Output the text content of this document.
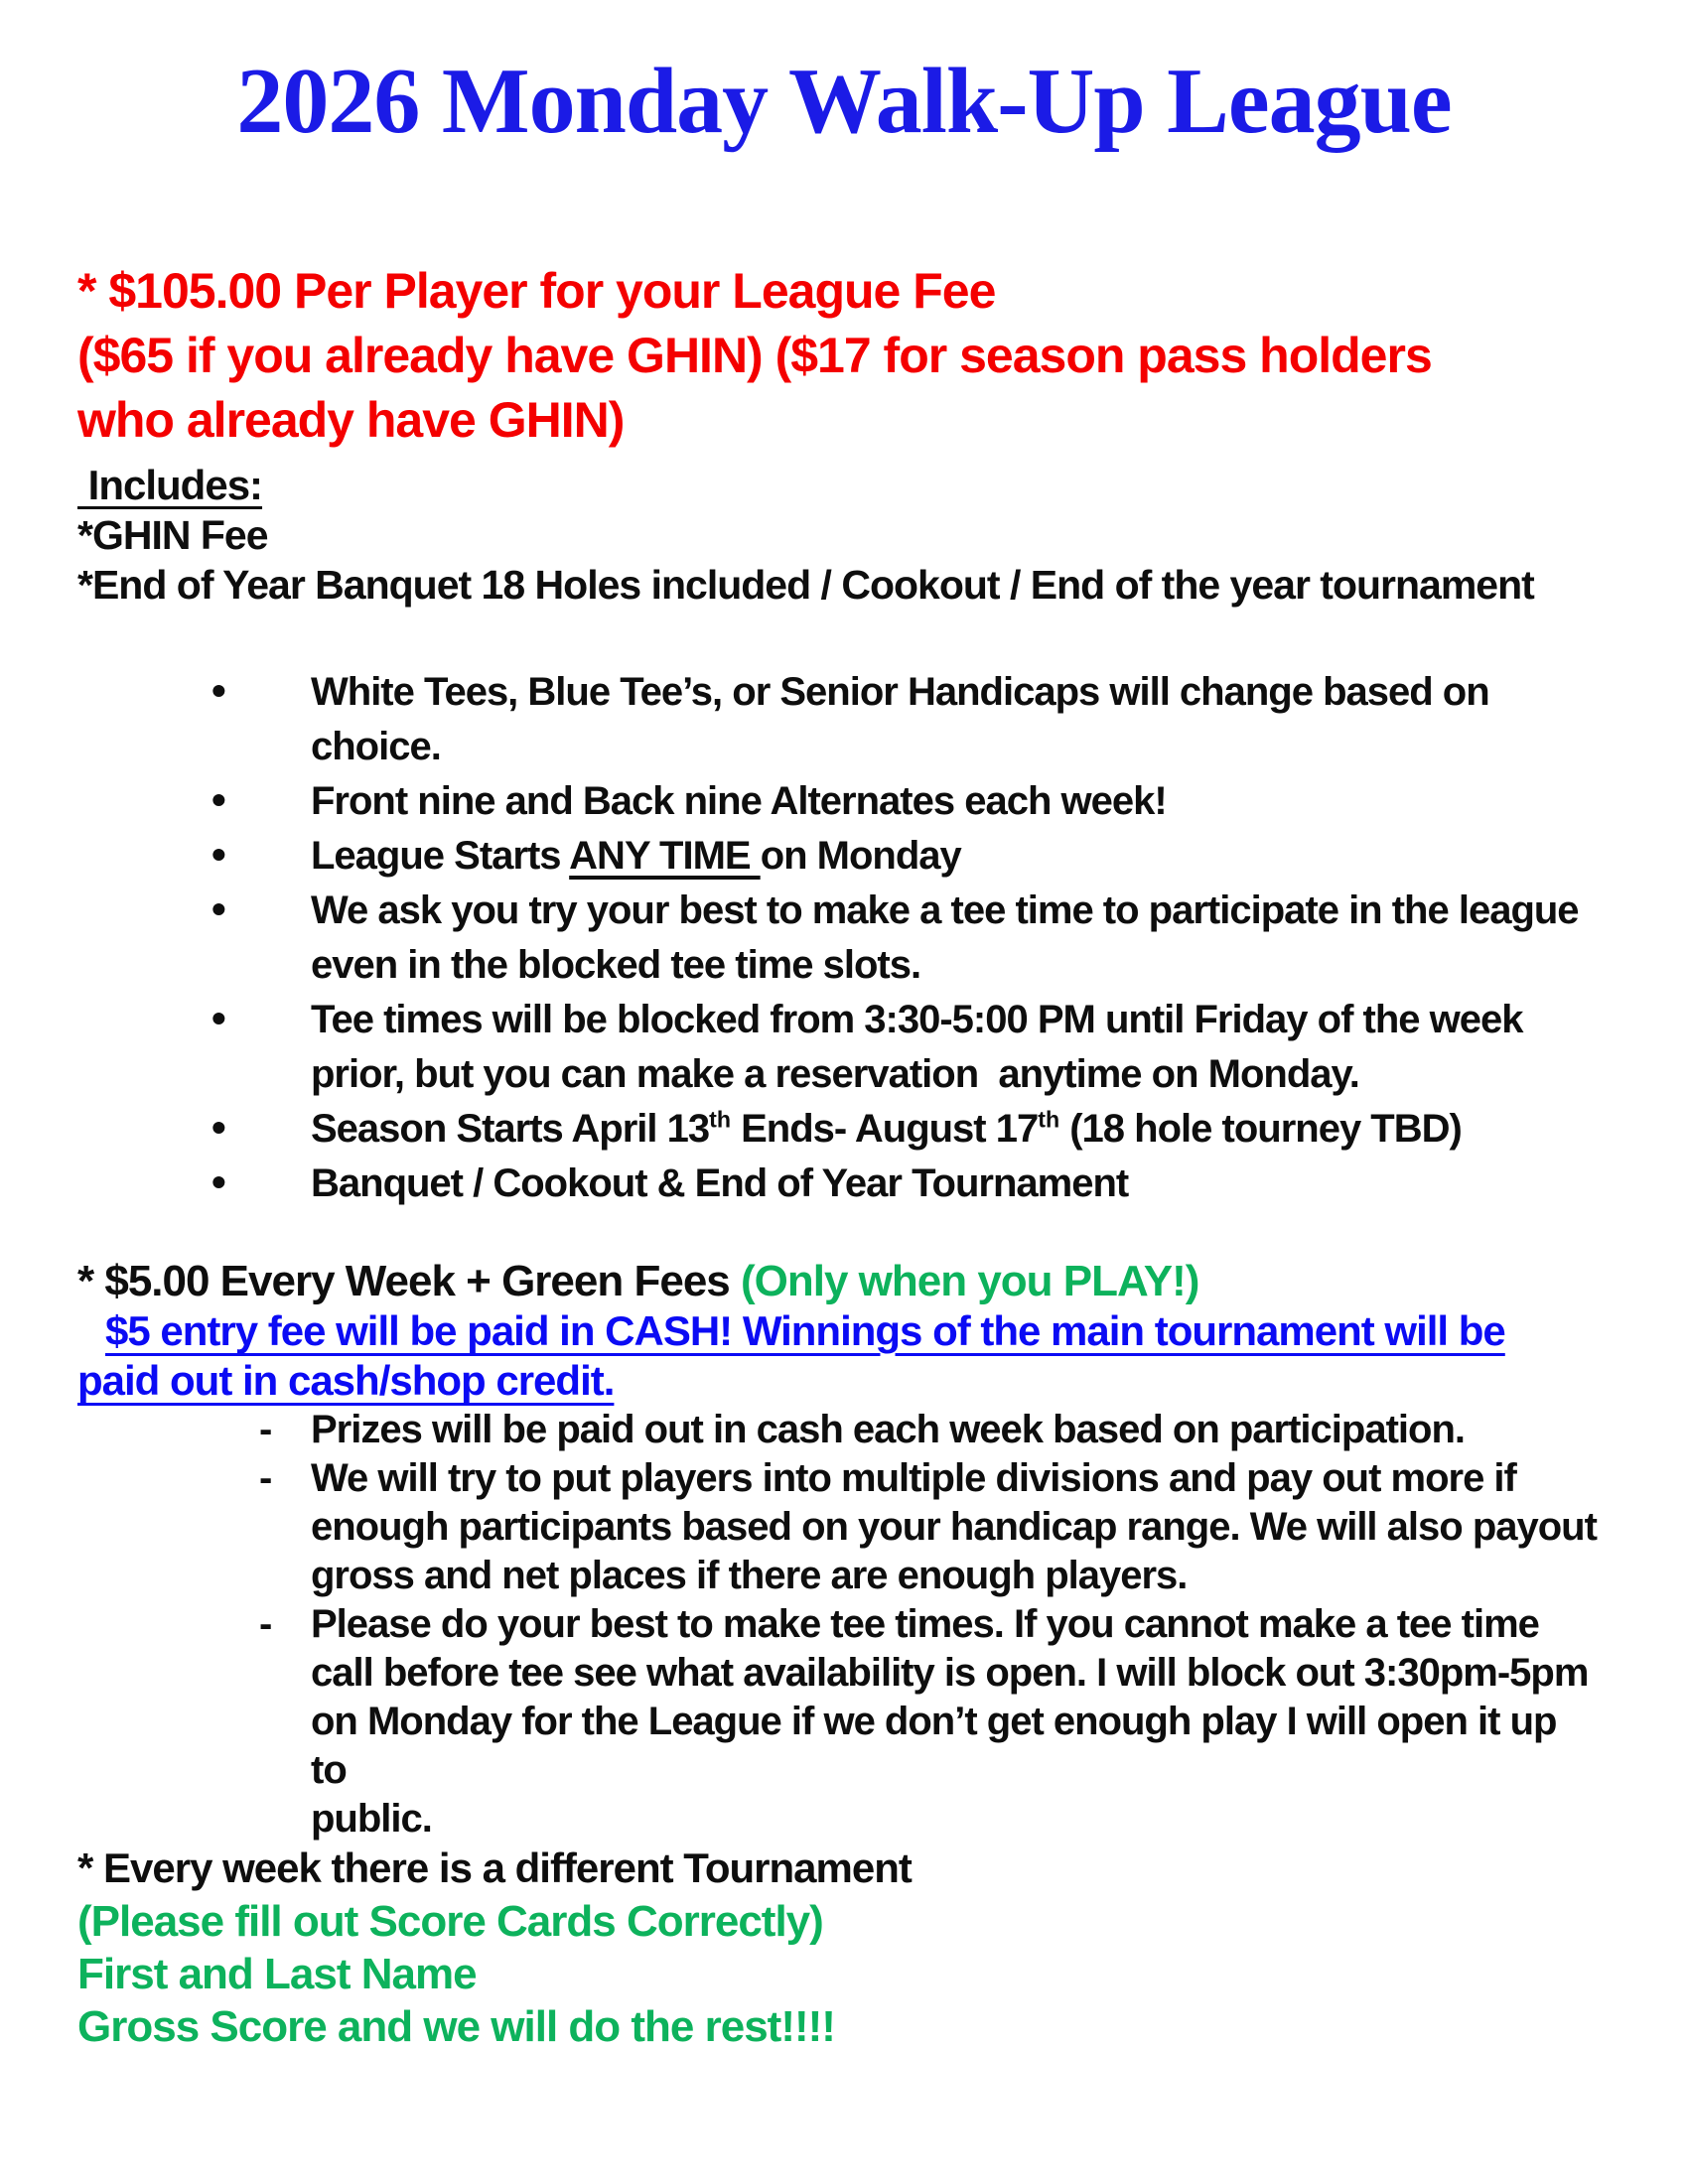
2026 Monday Walk-Up League
* $105.00 Per Player for your League Fee
($65 if you already have GHIN) ($17 for season pass holders
who already have GHIN)
Includes:
*GHIN Fee
*End of Year Banquet 18 Holes included / Cookout / End of the year tournament
• White Tees, Blue Tee’s, or Senior Handicaps will change based on choice.
• Front nine and Back nine Alternates each week!
• League Starts ANY TIME on Monday
• We ask you try your best to make a tee time to participate in the league
even in the blocked tee time slots.
• Tee times will be blocked from 3:30-5:00 PM until Friday of the week
prior, but you can make a reservation  anytime on Monday.
• Season Starts April 13th Ends- August 17th (18 hole tourney TBD)
• Banquet / Cookout & End of Year Tournament
* $5.00 Every Week + Green Fees (Only when you PLAY!)
$5 entry fee will be paid in CASH! Winnings of the main tournament will be
paid out in cash/shop credit.
- Prizes will be paid out in cash each week based on participation.
- We will try to put players into multiple divisions and pay out more if
enough participants based on your handicap range. We will also payout
gross and net places if there are enough players.
- Please do your best to make tee times. If you cannot make a tee time
call before tee see what availability is open. I will block out 3:30pm-5pm
on Monday for the League if we don’t get enough play I will open it up to
public.
* Every week there is a different Tournament
(Please fill out Score Cards Correctly)
First and Last Name
Gross Score and we will do the rest!!!!
